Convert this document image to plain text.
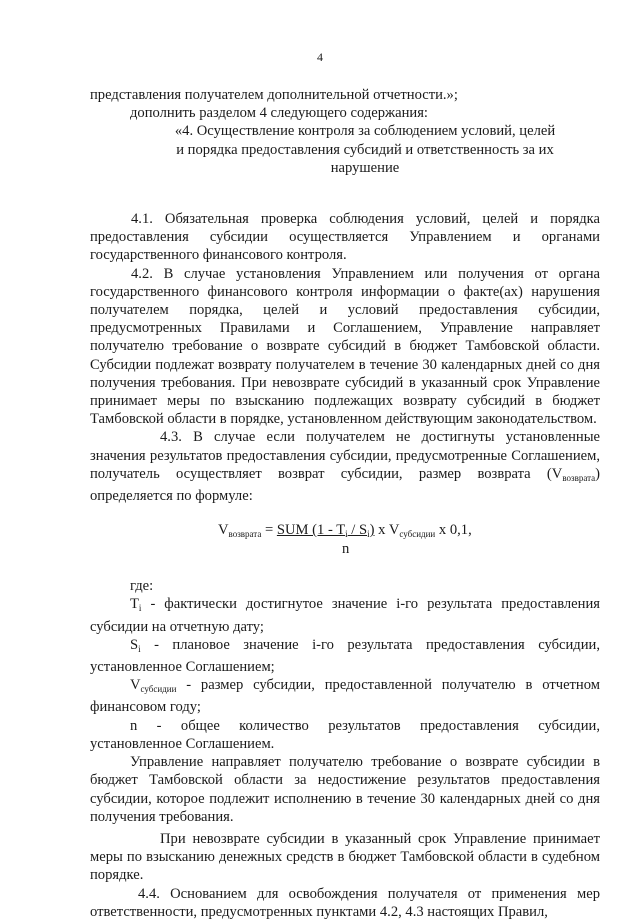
4

представления получателем дополнительной отчетности.»;

дополнить разделом 4 следующего содержания:

«4. Осуществление контроля за соблюдением условий, целей

и порядка предоставления субсидий и ответственность за их

нарушение

4.1. Обязательная проверка соблюдения условий, целей и порядка предоставления субсидии осуществляется Управлением и органами государственного финансового контроля.

4.2. В случае установления Управлением или получения от органа государственного финансового контроля информации о факте(ах) нарушения получателем порядка, целей и условий предоставления субсидии, предусмотренных Правилами и Соглашением, Управление направляет получателю требование о возврате субсидий в бюджет Тамбовской области. Субсидии подлежат возврату получателем в течение 30 календарных дней со дня получения требования. При невозврате субсидий в указанный срок Управление принимает меры по взысканию подлежащих возврату субсидий в бюджет Тамбовской области в порядке, установленном действующим законодательством.

4.3. В случае если получателем не достигнуты установленные значения результатов предоставления субсидии, предусмотренные Соглашением, получатель осуществляет возврат субсидии, размер возврата $(V_{возврата})$ определяется по формуле:

$V_{возврата}$ = SUM $(1 - T_i / S_i)$ x $V_{субсидии}$ x 0,1,
n

где:

$T_i$ - фактически достигнутое значение i-го результата предоставления субсидии на отчетную дату;

$S_i$ - плановое значение i-го результата предоставления субсидии, установленное Соглашением;

$V_{субсидии}$ - размер субсидии, предоставленной получателю в отчетном финансовом году;

n - общее количество результатов предоставления субсидии, установленное Соглашением.

Управление направляет получателю требование о возврате субсидии в бюджет Тамбовской области за недостижение результатов предоставления субсидии, которое подлежит исполнению в течение 30 календарных дней со дня получения требования.

При невозврате субсидии в указанный срок Управление принимает меры по взысканию денежных средств в бюджет Тамбовской области в судебном порядке.

4.4. Основанием для освобождения получателя от применения мер ответственности, предусмотренных пунктами 4.2, 4.3 настоящих Правил,
